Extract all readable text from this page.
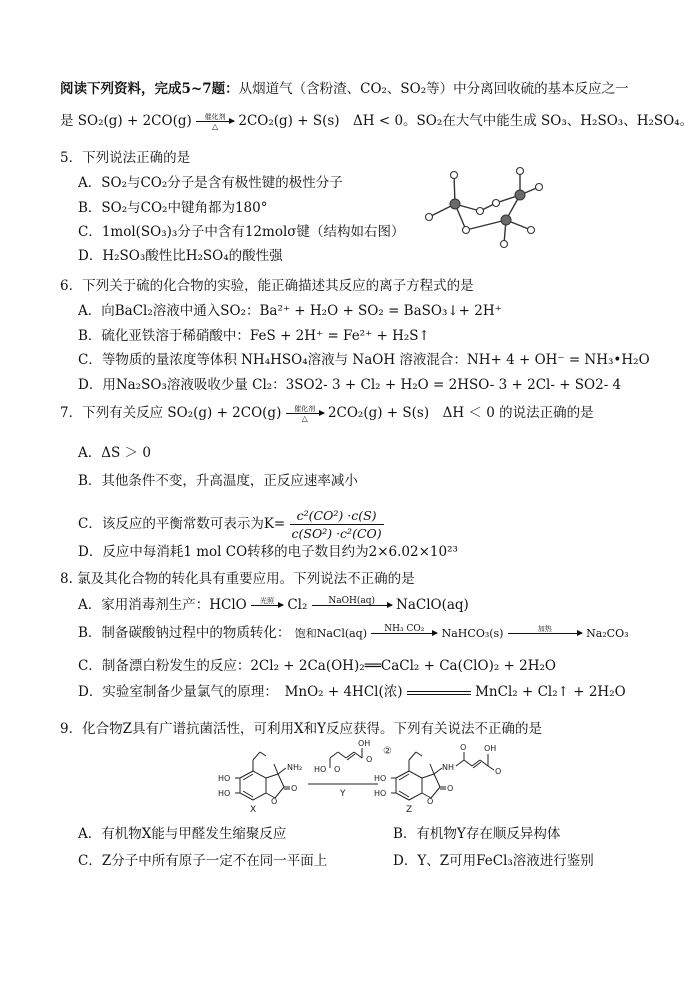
阅读下列资料，完成5~7题：从烟道气（含粉渣、CO₂、SO₂等）中分离回收硫的基本反应之一
是 SO₂(g) + 2CO(g)	催化剂
△	2CO₂(g) + S(s)　ΔH < 0。SO₂在大气中能生成 SO₃、H₂SO₃、H₂SO₄。
5．下列说法正确的是
A．SO₂与CO₂分子是含有极性键的极性分子
B．SO₂与CO₂中键角都为180°
C．1mol(SO₃)₃分子中含有12molσ键（结构如右图）
D．H₂SO₃酸性比H₂SO₄的酸性强
6．下列关于硫的化合物的实验，能正确描述其反应的离子方程式的是
A．向BaCl₂溶液中通入SO₂：Ba²⁺ + H₂O + SO₂ = BaSO₃↓+ 2H⁺
B．硫化亚铁溶于稀硝酸中：FeS + 2H⁺ = Fe²⁺ + H₂S↑
C．等物质的量浓度等体积 NH₄HSO₄溶液与 NaOH 溶液混合：NH+ 4 + OH⁻ = NH₃•H₂O
D．用Na₂SO₃溶液吸收少量 Cl₂：3SO2- 3 + Cl₂ + H₂O = 2HSO- 3 + 2Cl- + SO2- 4
7．下列有关反应 SO₂(g) + 2CO(g)	催化剂
△	2CO₂(g) + S(s)　ΔH ＜ 0 的说法正确的是
A．ΔS ＞ 0
B．其他条件不变，升高温度，正反应速率减小
C．该反应的平衡常数可表示为$K= \frac{\text{c²(CO²) ·c(S)}}{\text{c(SO²) ·c²(CO)}}$
D．反应中每消耗1 mol CO转移的电子数目约为2×6.02×10²³
8. 氯及其化合物的转化具有重要应用。下列说法不正确的是
A．家用消毒剂生产：HClO	光照
Cl₂	NaOH(aq)
	NaClO(aq)
B．制备碳酸钠过程中的物质转化： 饱和NaCl(aq)	NH₃ CO₂
	NaHCO₃(s)	加热
	Na₂CO₃
C．制备漂白粉发生的反应：2Cl₂ + 2Ca(OH)₂══CaCl₂ + Ca(ClO)₂ + 2H₂O
D．实验室制备少量氯气的原理：　MnO₂ + 4HCl(浓)	MnCl₂ + Cl₂↑ + 2H₂O
9．化合物Z具有广谱抗菌活性，可利用X和Y反应获得。下列有关说法不正确的是
NH₂
HO
HO
O
O
X
HO O
OH
O
Y
②
NH
HO
HO
O
O
O OH
O
Z
A．有机物X能与甲醛发生缩聚反应	B．有机物Y存在顺反异构体
C．Z分子中所有原子一定不在同一平面上	D．Y、Z可用FeCl₃溶液进行鉴别
